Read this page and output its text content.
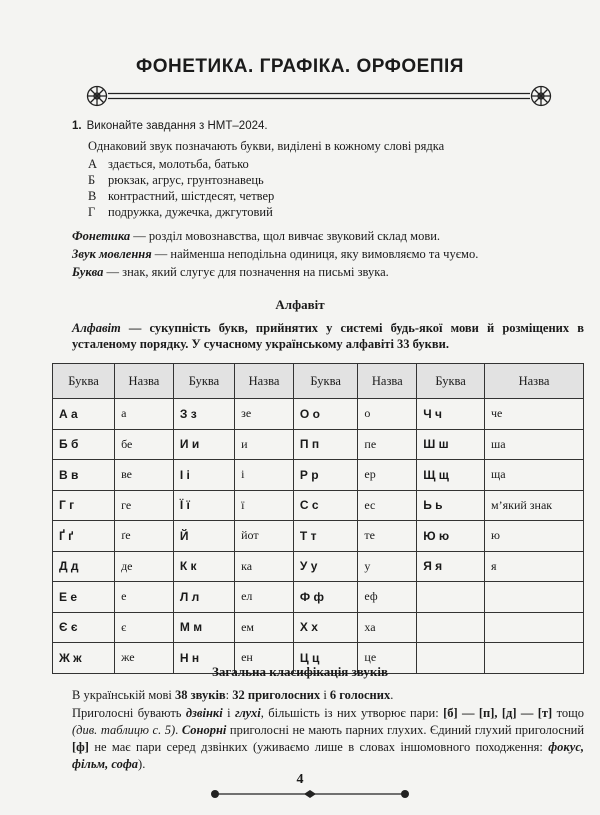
ФОНЕТИКА. ГРАФІКА. ОРФОЕПІЯ
1. Виконайте завдання з НМТ–2024.
Однаковий звук позначають букви, виділені в кожному слові рядка
А здається, молотьба, батько
Б рюкзак, агрус, грунтознавець
В контрастний, шістдесят, четвер
Г подружка, дужечка, джгутовий
Фонетика — розділ мовознавства, щол вивчає звуковий склад мови.
Звук мовлення — найменша неподільна одиниця, яку вимовляємо та чуємо.
Буква — знак, який слугує для позначення на письмі звука.
Алфавіт
Алфавіт — сукупність букв, прийнятих у системі будь-якої мови й розміщених в усталеному порядку. У сучасному українському алфавіті 33 букви.
Буква	Назва	Буква	Назва	Буква	Назва	Буква	Назва
А а	а	З з	зе	О о	о	Ч ч	че
Б б	бе	И и	и	П п	пе	Ш ш	ша
В в	ве	І і	і	Р р	ер	Щ щ	ща
Г г	ге	Ї ї	ї	С с	ес	Ь ь	м’який знак
Ґ ґ	ґе	Й	йот	Т т	те	Ю ю	ю
Д д	де	К к	ка	У у	у	Я я	я
Е е	е	Л л	ел	Ф ф	еф		
Є є	є	М м	ем	Х х	ха		
Ж ж	же	Н н	ен	Ц ц	це		
Загальна класифікація звуків
В українській мові 38 звуків: 32 приголосних і 6 голосних.
Приголосні бувають дзвінкі і глухі, більшість із них утворює пари: [б] — [п], [д] — [т] тощо (див. таблицю с. 5). Сонорні приголосні не мають парних глухих. Єдиний глухий приголосний [ф] не має пари серед дзвінких (уживаємо лише в словах іншомовного походження: фокус, фільм, софа).
4
